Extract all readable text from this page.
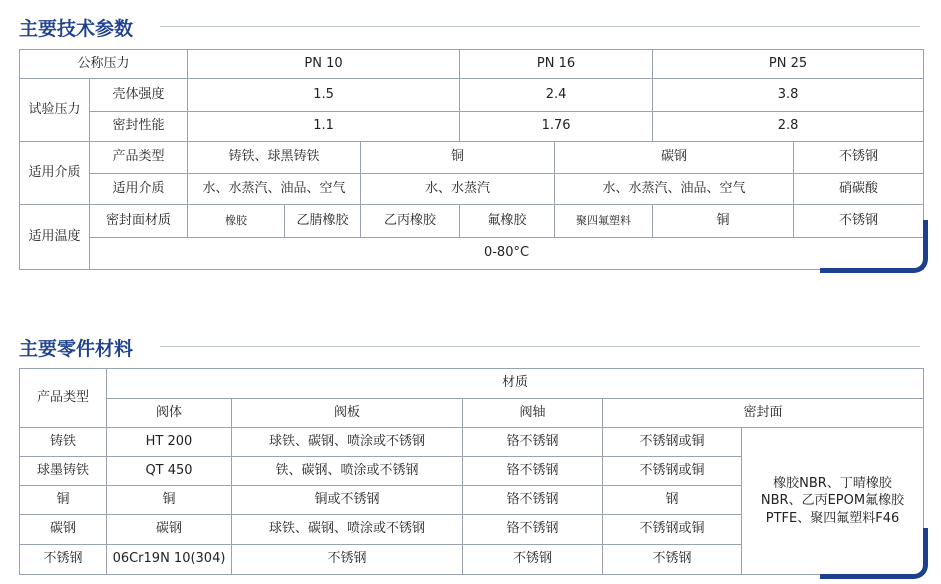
主要技术参数
公称压力		PN 10			PN 16		PN 25	
试验压力	壳体强度	1.5			2.4		3.8	
	密封性能	1.1			1.76		2.8	
适用介质	产品类型	铸铁、球黑铸铁		铜		碳钢		不锈钢
	适用介质	水、水蒸汽、油品、空气		水、水蒸汽		水、水蒸汽、油品、空气		硝碳酸
适用温度	密封面材质	橡胶	乙腈橡胶	乙丙橡胶	氟橡胶	聚四氟塑料	铜	不锈钢
	0-80°C							
主要零件材料
产品类型	材质				
	阀体	阀板	阀轴	密封面	
铸铁	HT 200	球铁、碳钢、喷涂或不锈钢	铬不锈钢	不锈钢或铜	橡胶NBR、丁晴橡胶NBR、乙丙EPOM氟橡胶PTFE、聚四氟塑料F46
球墨铸铁	QT 450	铁、碳钢、喷涂或不锈钢	铬不锈钢	不锈钢或铜	
铜	铜	铜或不锈钢	铬不锈钢	钢	
碳钢	碳钢	球铁、碳钢、喷涂或不锈钢	铬不锈钢	不锈钢或铜	
不锈钢	06Cr19N 10(304)	不锈钢	不锈钢	不锈钢	
